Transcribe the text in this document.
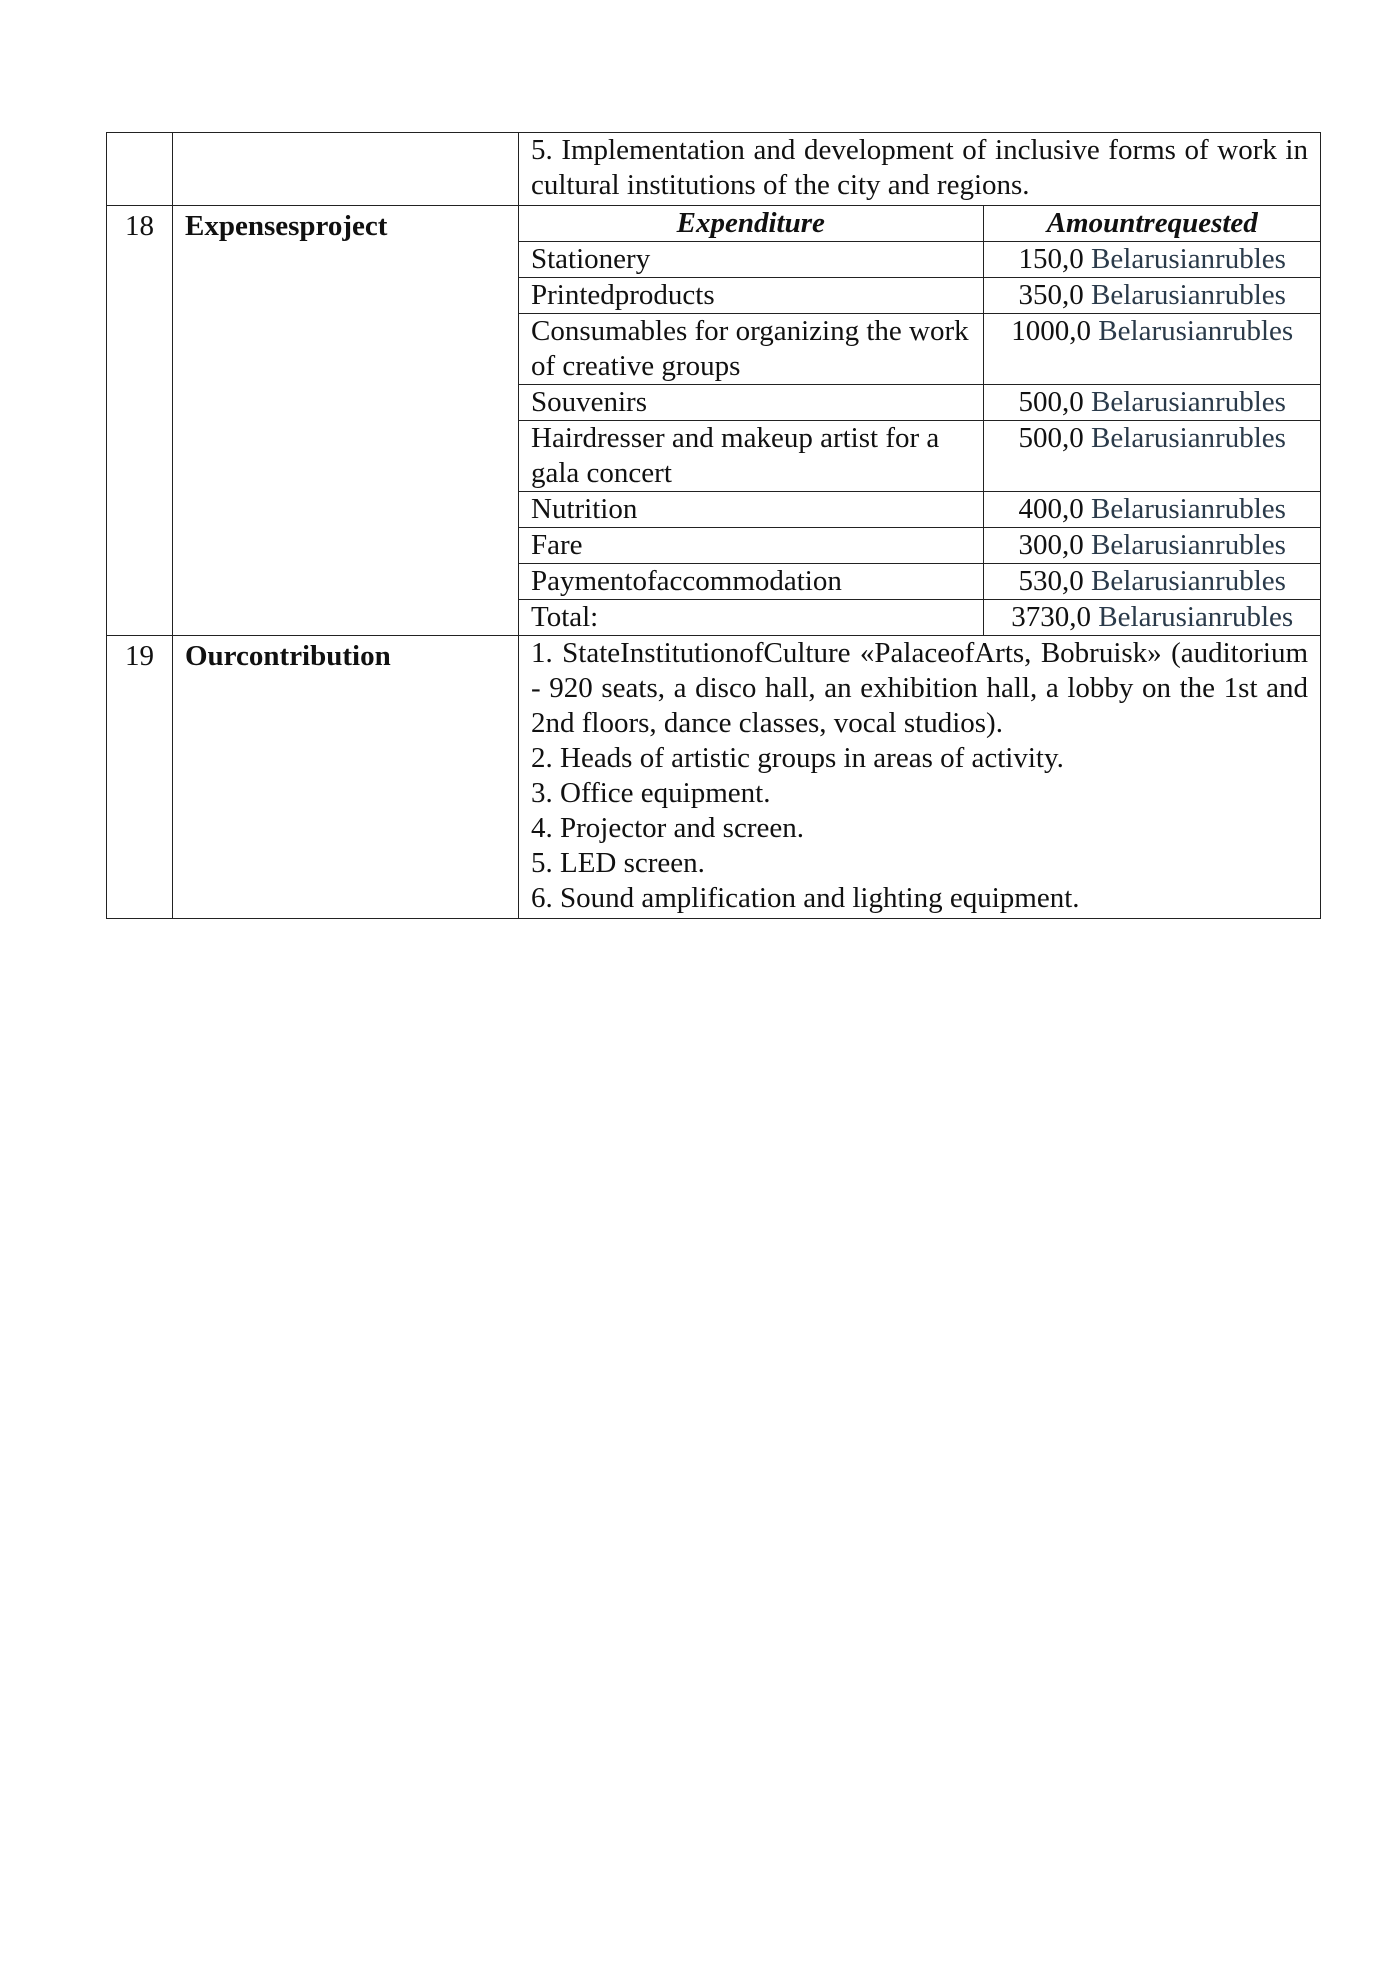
		5. Implementation and development of inclusive forms of work in cultural institutions of the city and regions.
18	Expensesproject		Expenditure	Amountrequested
Stationery	150,0 Belarusianrubles
Printedproducts	350,0 Belarusianrubles
Consumables for organizing the work of creative groups	1000,0 Belarusianrubles
Souvenirs	500,0 Belarusianrubles
Hairdresser and makeup artist for a gala concert	500,0 Belarusianrubles
Nutrition	400,0 Belarusianrubles
Fare	300,0 Belarusianrubles
Paymentofaccommodation	530,0 Belarusianrubles
Total:	3730,0 Belarusianrubles

19	Ourcontribution	1. StateInstitutionofCulture «PalaceofArts, Bobruisk» (auditorium - 920 seats, a disco hall, an exhibition hall, a lobby on the 1st and 2nd floors, dance classes, vocal studios).

2. Heads of artistic groups in areas of activity.

3. Office equipment.

4. Projector and screen.

5. LED screen.

6. Sound amplification and lighting equipment.
